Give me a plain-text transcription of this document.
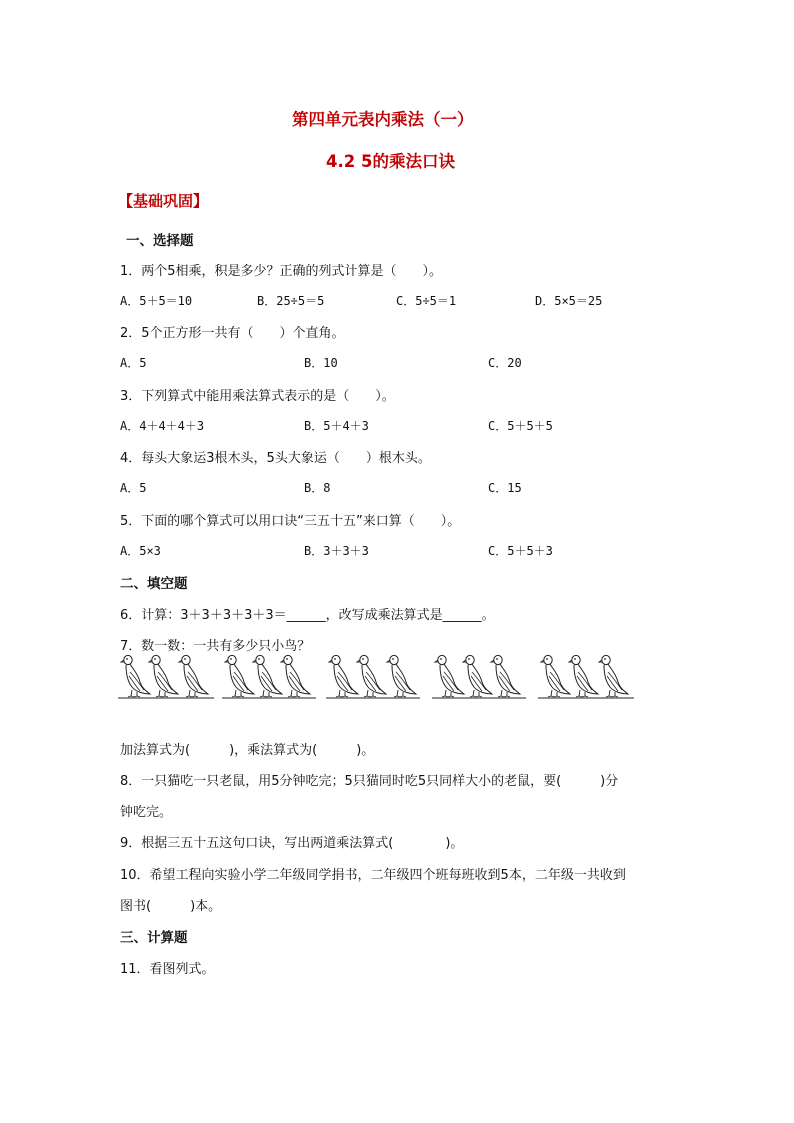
第四单元表内乘法（一）
4.2 5的乘法口诀
【基础巩固】
一、选择题
1．两个5相乘，积是多少？正确的列式计算是（　　）。
A．5＋5＝10	B．25÷5＝5	C．5÷5＝1	D．5×5＝25
2．5个正方形一共有（　　）个直角。
A．5	B．10	C．20
3．下列算式中能用乘法算式表示的是（　　）。
A．4＋4＋4＋3	B．5＋4＋3	C．5＋5＋5
4．每头大象运3根木头，5头大象运（　　）根木头。
A．5	B．8	C．15
5．下面的哪个算式可以用口诀“三五十五”来口算（　　）。
A．5×3	B．3＋3＋3	C．5＋5＋3
二、填空题
6．计算：3＋3＋3＋3＋3＝______，改写成乘法算式是______。
7．数一数：一共有多少只小鸟？
加法算式为(　　　)，乘法算式为(　　　)。
8．一只猫吃一只老鼠，用5分钟吃完；5只猫同时吃5只同样大小的老鼠，要(　　　)分
钟吃完。
9．根据三五十五这句口诀，写出两道乘法算式(　　　　)。
10．希望工程向实验小学二年级同学捐书，二年级四个班每班收到5本，二年级一共收到
图书(　　　)本。
三、计算题
11．看图列式。
